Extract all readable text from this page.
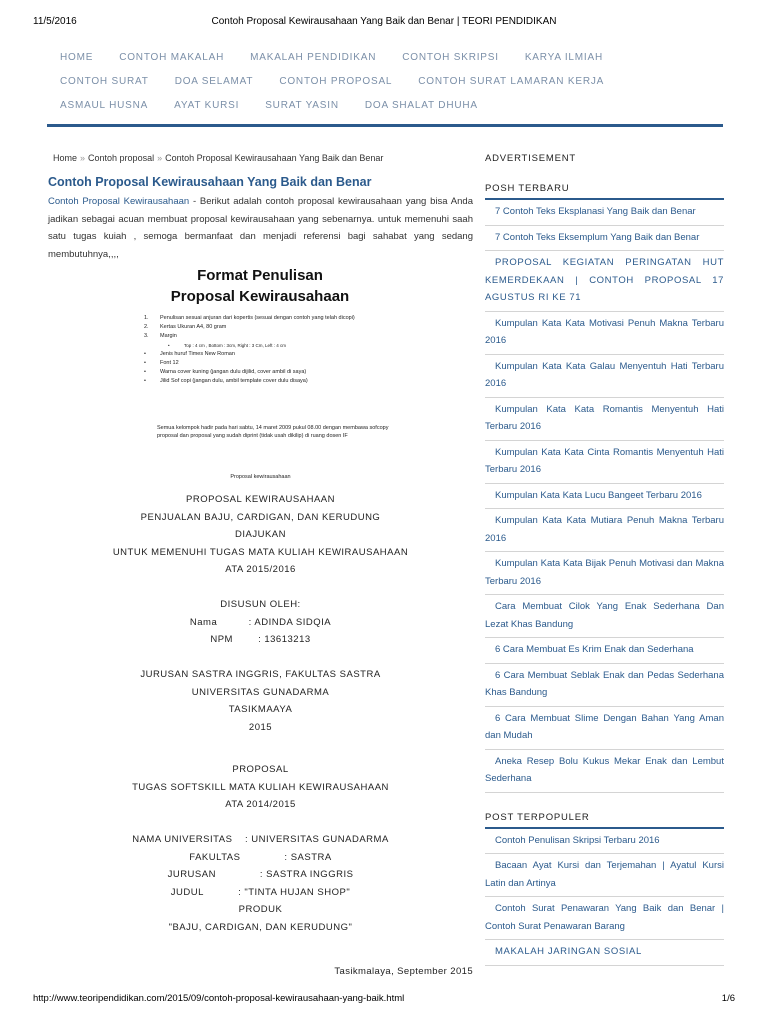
11/5/2016	Contoh Proposal Kewirausahaan Yang Baik dan Benar | TEORI PENDIDIKAN
HOME	CONTOH MAKALAH	MAKALAH PENDIDIKAN	CONTOH SKRIPSI	KARYA ILMIAH
CONTOH SURAT	DOA SELAMAT	CONTOH PROPOSAL	CONTOH SURAT LAMARAN KERJA
ASMAUL HUSNA	AYAT KURSI	SURAT YASIN	DOA SHALAT DHUHA
Home » Contoh proposal » Contoh Proposal Kewirausahaan Yang Baik dan Benar
Contoh Proposal Kewirausahaan Yang Baik dan Benar
Contoh Proposal Kewirausahaan - Berikut adalah contoh proposal kewirausahaan yang bisa Anda jadikan sebagai acuan membuat proposal kewirausahaan yang sebenarnya. untuk memenuhi saah satu tugas kuiah , semoga bermanfaat dan menjadi referensi bagi sahabat yang sedang membutuhnya,,,,
Format Penulisan
Proposal Kewirausahaan
1.	Penulisan sesuai anjuran dari kopertis (sesuai dengan contoh yang telah dicopi)
2.	Kertas Ukuran A4, 80 gram
3.	Margin
•	Top : 4 cm , Bottom : 3cm, Right : 3 Cm, Left : 4 cm
•	Jenis huruf Times New Roman
•	Font 12
•	Warna cover kuning (jangan dulu dijilid, cover ambil di saya)
•	Jilid Sof copi (jangan dulu, ambil template cover dulu disaya)
Semua kelompok hadir pada hari sabtu, 14 maret 2009 pukul 08.00 dengan membawa sofcopy proposal dan proposal yang sudah diprint (tidak usah dikilip) di ruang dosen IF
Proposal kewirausahaan
PROPOSAL KEWIRAUSAHAAN
PENJUALAN BAJU, CARDIGAN, DAN KERUDUNG
DIAJUKAN
UNTUK MEMENUHI TUGAS MATA KULIAH KEWIRAUSAHAAN
ATA 2015/2016
DISUSUN OLEH:
Nama          : ADINDA SIDQIA
NPM        : 13613213
JURUSAN SASTRA INGGRIS, FAKULTAS SASTRA
UNIVERSITAS GUNADARMA
TASIKMAAYA
2015
PROPOSAL
TUGAS SOFTSKILL MATA KULIAH KEWIRAUSAHAAN
ATA 2014/2015
NAMA UNIVERSITAS    : UNIVERSITAS GUNADARMA
FAKULTAS              : SASTRA
JURUSAN              : SASTRA INGGRIS
JUDUL           : "TINTA HUJAN SHOP"
PRODUK
"BAJU, CARDIGAN, DAN KERUDUNG"
Tasikmalaya, September 2015
ADVERTISEMENT
POSH TERBARU
7 Contoh Teks Eksplanasi Yang Baik dan Benar
7 Contoh Teks Eksemplum Yang Baik dan Benar
PROPOSAL KEGIATAN PERINGATAN HUT KEMERDEKAAN | CONTOH PROPOSAL 17 AGUSTUS RI KE 71
Kumpulan Kata Kata Motivasi Penuh Makna Terbaru 2016
Kumpulan Kata Kata Galau Menyentuh Hati Terbaru 2016
Kumpulan Kata Kata Romantis Menyentuh Hati Terbaru 2016
Kumpulan Kata Kata Cinta Romantis Menyentuh Hati Terbaru 2016
Kumpulan Kata Kata Lucu Bangeet Terbaru 2016
Kumpulan Kata Kata Mutiara Penuh Makna Terbaru 2016
Kumpulan Kata Kata Bijak Penuh Motivasi dan Makna Terbaru 2016
Cara Membuat Cilok Yang Enak Sederhana Dan Lezat Khas Bandung
6 Cara Membuat Es Krim Enak dan Sederhana
6 Cara Membuat Seblak Enak dan Pedas Sederhana Khas Bandung
6 Cara Membuat Slime Dengan Bahan Yang Aman dan Mudah
Aneka Resep Bolu Kukus Mekar Enak dan Lembut Sederhana
POST TERPOPULER
Contoh Penulisan Skripsi Terbaru 2016
Bacaan Ayat Kursi dan Terjemahan | Ayatul Kursi Latin dan Artinya
Contoh Surat Penawaran Yang Baik dan Benar | Contoh Surat Penawaran Barang
MAKALAH JARINGAN SOSIAL
http://www.teoripendidikan.com/2015/09/contoh-proposal-kewirausahaan-yang-baik.html	1/6
